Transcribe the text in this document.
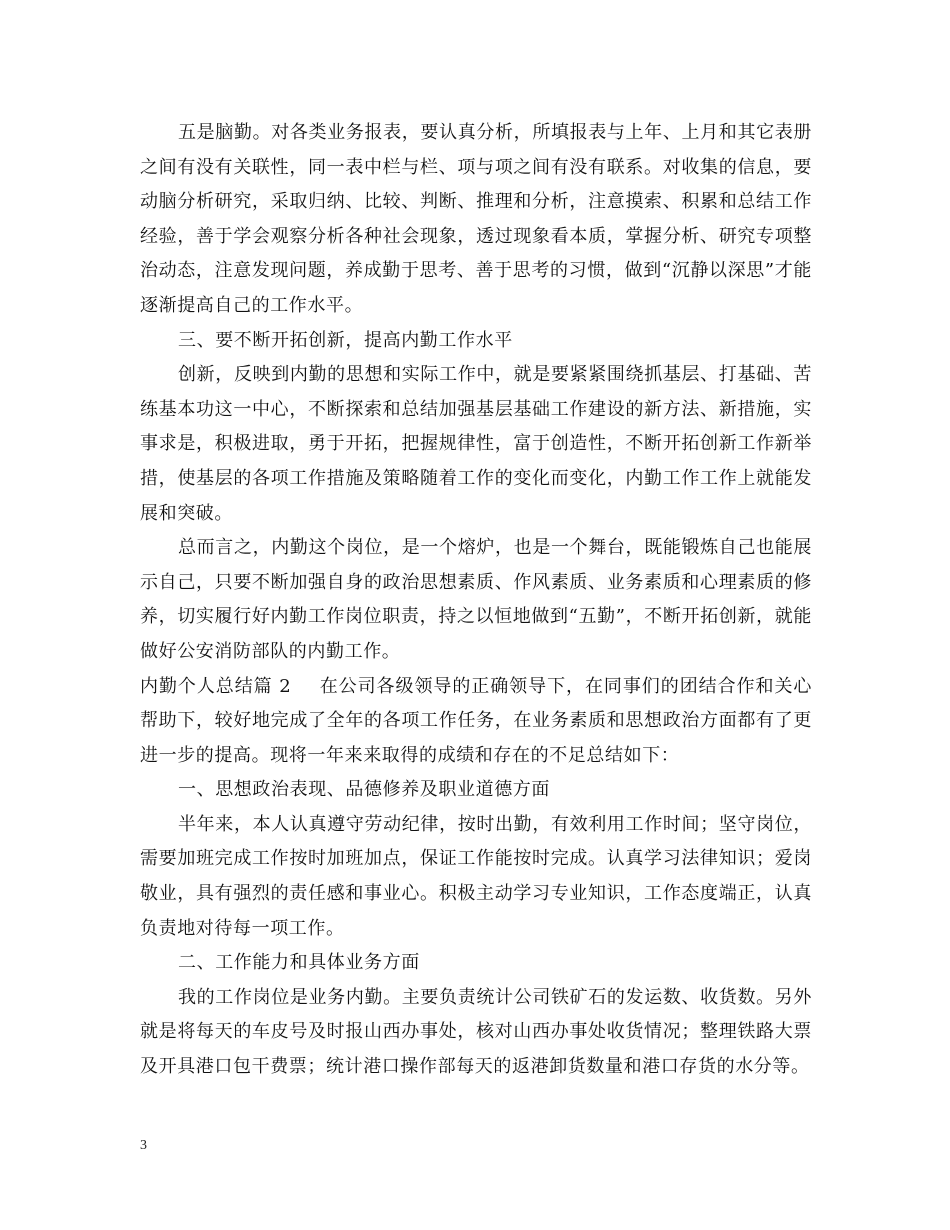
五是脑勤。对各类业务报表，要认真分析，所填报表与上年、上月和其它表册之间有没有关联性，同一表中栏与栏、项与项之间有没有联系。对收集的信息，要动脑分析研究，采取归纳、比较、判断、推理和分析，注意摸索、积累和总结工作经验，善于学会观察分析各种社会现象，透过现象看本质，掌握分析、研究专项整治动态，注意发现问题，养成勤于思考、善于思考的习惯，做到“沉静以深思”才能逐渐提高自己的工作水平。

三、要不断开拓创新，提高内勤工作水平

创新，反映到内勤的思想和实际工作中，就是要紧紧围绕抓基层、打基础、苦练基本功这一中心，不断探索和总结加强基层基础工作建设的新方法、新措施，实事求是，积极进取，勇于开拓，把握规律性，富于创造性，不断开拓创新工作新举措，使基层的各项工作措施及策略随着工作的变化而变化，内勤工作工作上就能发展和突破。

总而言之，内勤这个岗位，是一个熔炉，也是一个舞台，既能锻炼自己也能展示自己，只要不断加强自身的政治思想素质、作风素质、业务素质和心理素质的修养，切实履行好内勤工作岗位职责，持之以恒地做到“五勤”，不断开拓创新，就能做好公安消防部队的内勤工作。

内勤个人总结篇 2 在公司各级领导的正确领导下，在同事们的团结合作和关心帮助下，较好地完成了全年的各项工作任务，在业务素质和思想政治方面都有了更进一步的提高。现将一年来来取得的成绩和存在的不足总结如下：

一、思想政治表现、品德修养及职业道德方面

半年来，本人认真遵守劳动纪律，按时出勤，有效利用工作时间；坚守岗位，需要加班完成工作按时加班加点，保证工作能按时完成。认真学习法律知识；爱岗敬业，具有强烈的责任感和事业心。积极主动学习专业知识，工作态度端正，认真负责地对待每一项工作。

二、工作能力和具体业务方面

我的工作岗位是业务内勤。主要负责统计公司铁矿石的发运数、收货数。另外就是将每天的车皮号及时报山西办事处，核对山西办事处收货情况；整理铁路大票及开具港口包干费票；统计港口操作部每天的返港卸货数量和港口存货的水分等。

3
